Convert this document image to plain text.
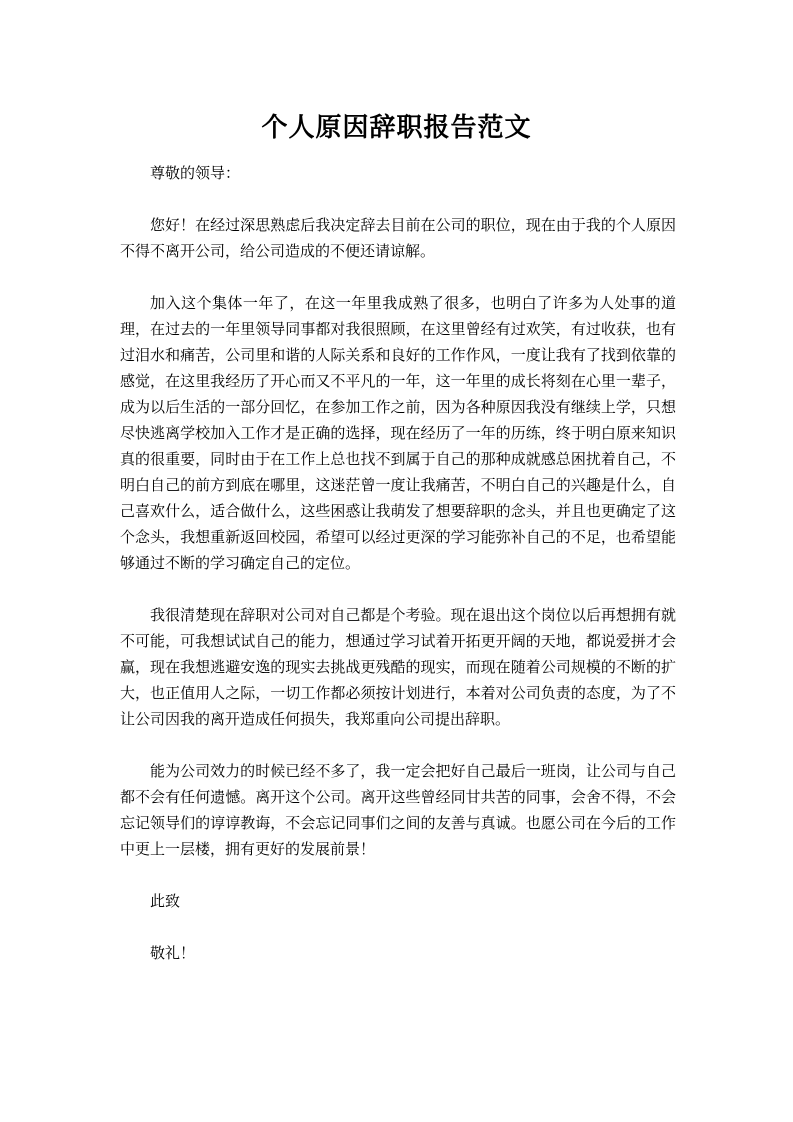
个人原因辞职报告范文

尊敬的领导：

您好！在经过深思熟虑后我决定辞去目前在公司的职位，现在由于我的个人原因不得不离开公司，给公司造成的不便还请谅解。

加入这个集体一年了，在这一年里我成熟了很多，也明白了许多为人处事的道理，在过去的一年里领导同事都对我很照顾，在这里曾经有过欢笑，有过收获，也有过泪水和痛苦，公司里和谐的人际关系和良好的工作作风，一度让我有了找到依靠的感觉，在这里我经历了开心而又不平凡的一年，这一年里的成长将刻在心里一辈子，成为以后生活的一部分回忆，在参加工作之前，因为各种原因我没有继续上学，只想尽快逃离学校加入工作才是正确的选择，现在经历了一年的历练，终于明白原来知识真的很重要，同时由于在工作上总也找不到属于自己的那种成就感总困扰着自己，不明白自己的前方到底在哪里，这迷茫曾一度让我痛苦，不明白自己的兴趣是什么，自己喜欢什么，适合做什么，这些困惑让我萌发了想要辞职的念头，并且也更确定了这个念头，我想重新返回校园，希望可以经过更深的学习能弥补自己的不足，也希望能够通过不断的学习确定自己的定位。

我很清楚现在辞职对公司对自己都是个考验。现在退出这个岗位以后再想拥有就不可能，可我想试试自己的能力，想通过学习试着开拓更开阔的天地，都说爱拼才会赢，现在我想逃避安逸的现实去挑战更残酷的现实，而现在随着公司规模的不断的扩大，也正值用人之际，一切工作都必须按计划进行，本着对公司负责的态度，为了不让公司因我的离开造成任何损失，我郑重向公司提出辞职。

能为公司效力的时候已经不多了，我一定会把好自己最后一班岗，让公司与自己都不会有任何遗憾。离开这个公司。离开这些曾经同甘共苦的同事，会舍不得，不会忘记领导们的谆谆教诲，不会忘记同事们之间的友善与真诚。也愿公司在今后的工作中更上一层楼，拥有更好的发展前景！

此致

敬礼！
